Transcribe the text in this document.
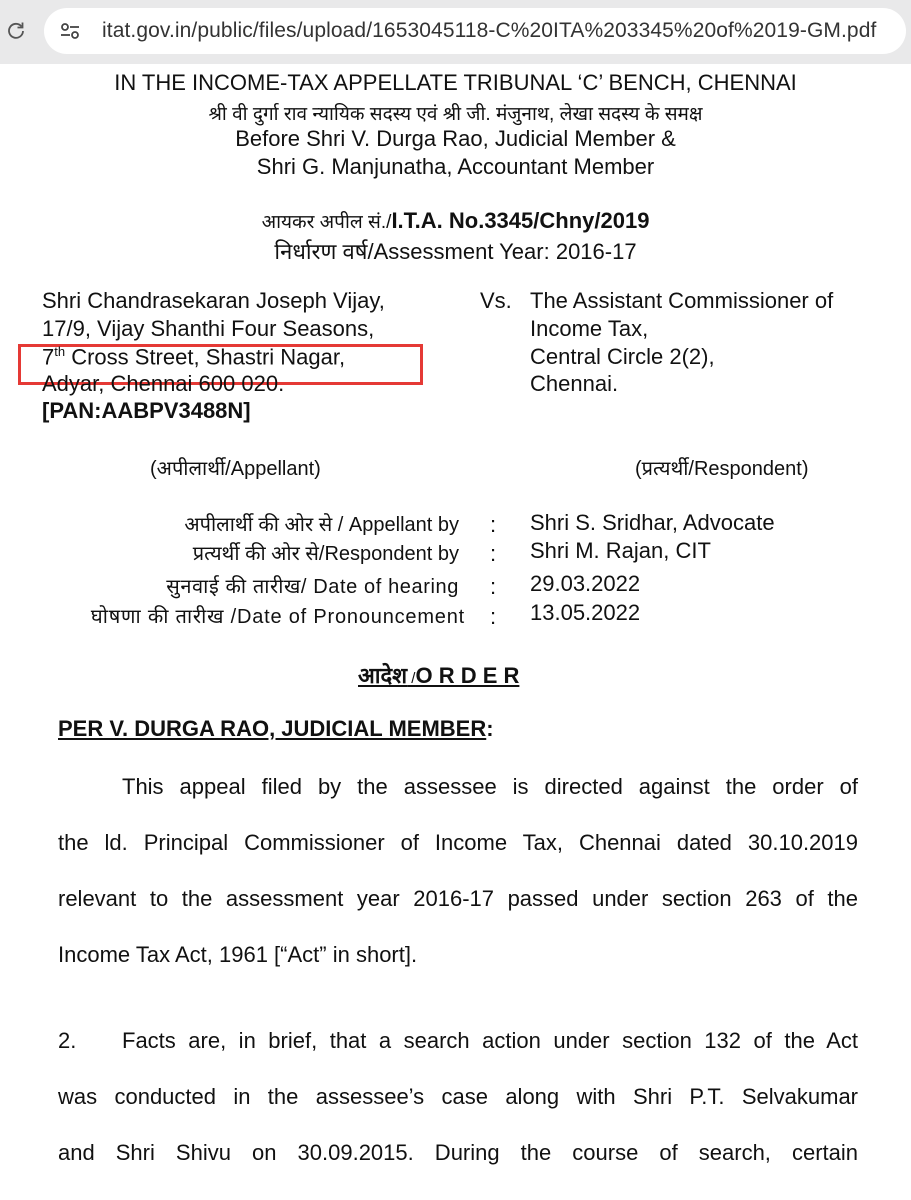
itat.gov.in/public/files/upload/1653045118-C%20ITA%203345%20of%2019-GM.pdf
IN THE INCOME-TAX APPELLATE TRIBUNAL ‘C’ BENCH, CHENNAI
श्री वी दुर्गा राव न्यायिक सदस्य एवं श्री जी. मंजुनाथ, लेखा सदस्य के समक्ष
Before Shri V. Durga Rao, Judicial Member &
Shri G. Manjunatha, Accountant Member
आयकर अपील सं./I.T.A. No.3345/Chny/2019
निर्धारण वर्ष/Assessment Year: 2016-17
Shri Chandrasekaran Joseph Vijay,
17/9, Vijay Shanthi Four Seasons,
7th Cross Street, Shastri Nagar,
Adyar, Chennai 600 020.
[PAN:AABPV3488N]
Vs. The Assistant Commissioner of
Income Tax,
Central Circle 2(2),
Chennai.
(अपीलार्थी/Appellant)	(प्रत्यर्थी/Respondent)
अपीलार्थी की ओर से / Appellant by : Shri S. Sridhar, Advocate
प्रत्यर्थी की ओर से/Respondent by : Shri M. Rajan, CIT
सुनवाई की तारीख/ Date of hearing : 29.03.2022
घोषणा की तारीख /Date of Pronouncement : 13.05.2022
आदेश /O R D E R
PER V. DURGA RAO, JUDICIAL MEMBER:
This appeal filed by the assessee is directed against the order of
the ld. Principal Commissioner of Income Tax, Chennai dated 30.10.2019
relevant to the assessment year 2016-17 passed under section 263 of the
Income Tax Act, 1961 [“Act” in short].
2. Facts are, in brief, that a search action under section 132 of the Act
was conducted in the assessee’s case along with Shri P.T. Selvakumar
and Shri Shivu on 30.09.2015. During the course of search, certain
